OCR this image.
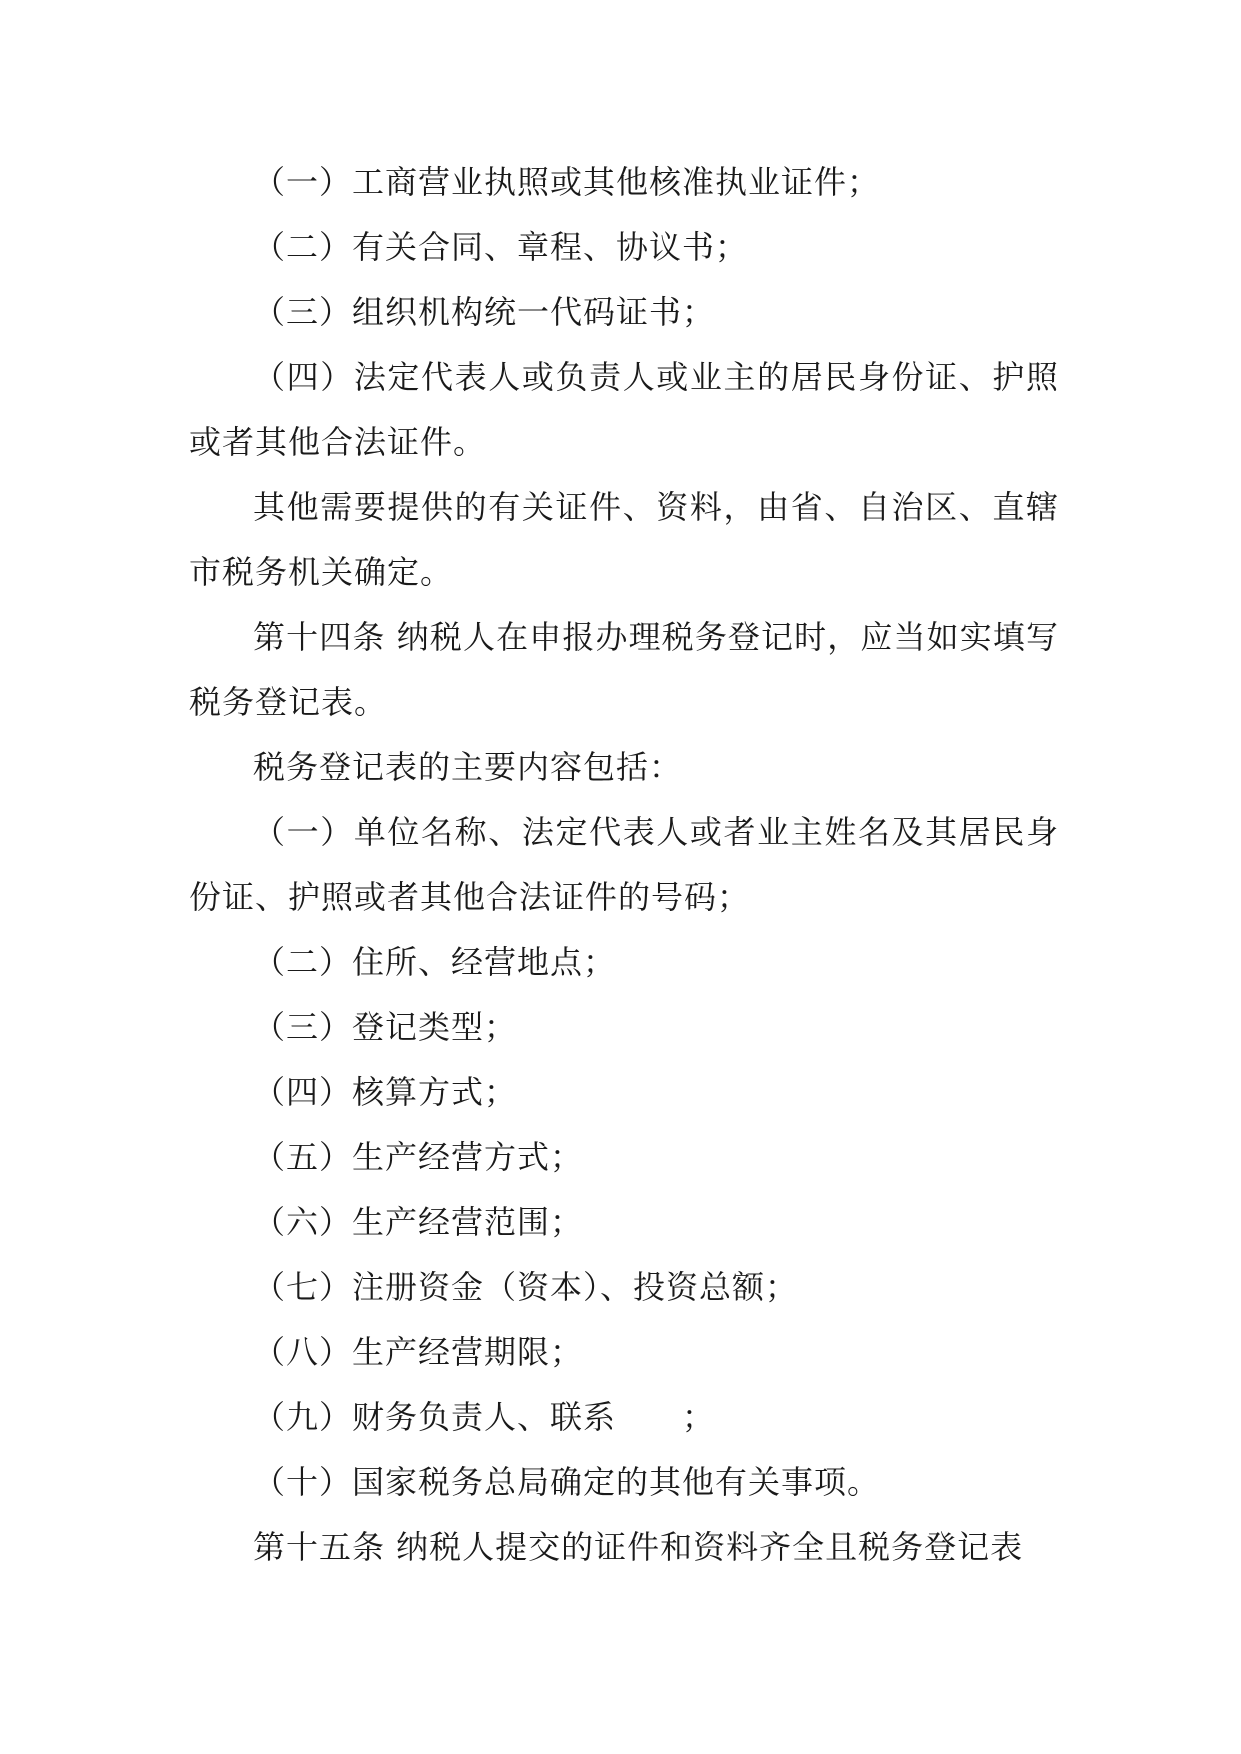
（一）工商营业执照或其他核准执业证件；

（二）有关合同、章程、协议书；

（三）组织机构统一代码证书；

（四）法定代表人或负责人或业主的居民身份证、护照或者其他合法证件。

其他需要提供的有关证件、资料，由省、自治区、直辖市税务机关确定。

第十四条 纳税人在申报办理税务登记时，应当如实填写税务登记表。

税务登记表的主要内容包括：

（一）单位名称、法定代表人或者业主姓名及其居民身份证、护照或者其他合法证件的号码；

（二）住所、经营地点；

（三）登记类型；

（四）核算方式；

（五）生产经营方式；

（六）生产经营范围；

（七）注册资金（资本）、投资总额；

（八）生产经营期限；

（九）财务负责人、联系　　；

（十）国家税务总局确定的其他有关事项。

第十五条 纳税人提交的证件和资料齐全且税务登记表
